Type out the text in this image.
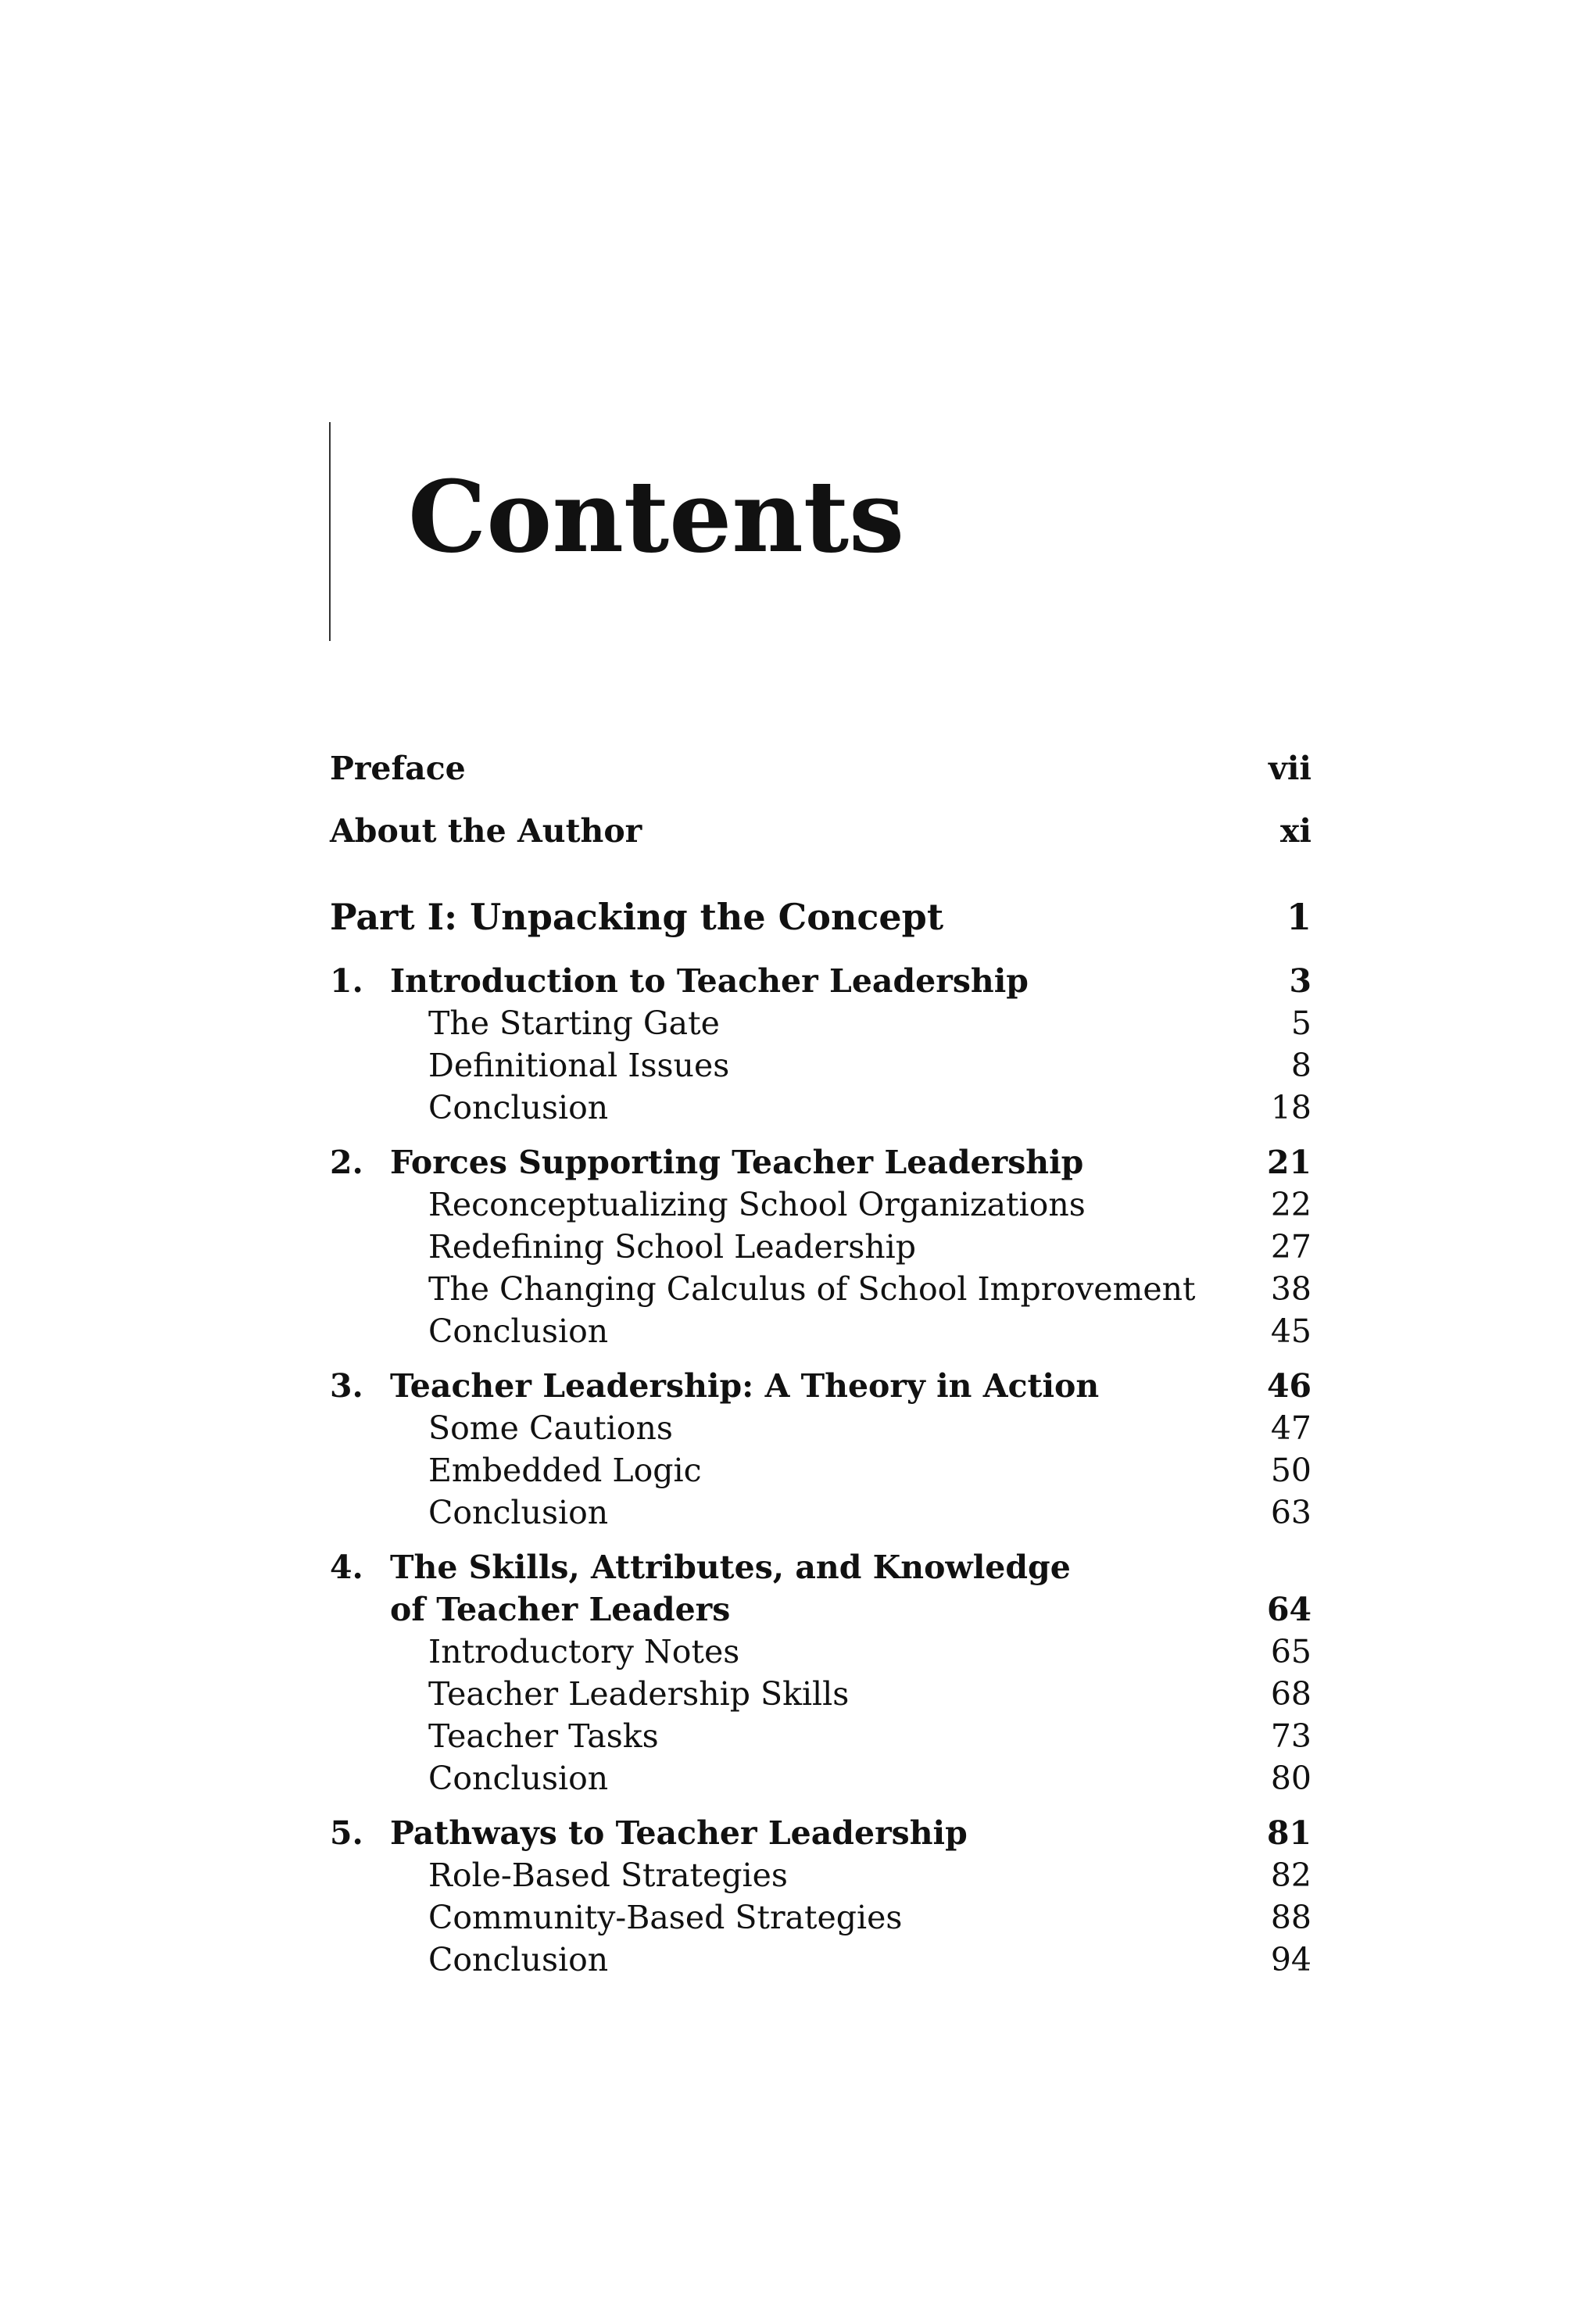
Contents
Preface	vii
About the Author	xi
Part I: Unpacking the Concept	1
1. Introduction to Teacher Leadership	3
The Starting Gate	5
Definitional Issues	8
Conclusion	18
2. Forces Supporting Teacher Leadership	21
Reconceptualizing School Organizations	22
Redefining School Leadership	27
The Changing Calculus of School Improvement	38
Conclusion	45
3. Teacher Leadership: A Theory in Action	46
Some Cautions	47
Embedded Logic	50
Conclusion	63
4. The Skills, Attributes, and Knowledge
of Teacher Leaders	64
Introductory Notes	65
Teacher Leadership Skills	68
Teacher Tasks	73
Conclusion	80
5. Pathways to Teacher Leadership	81
Role-Based Strategies	82
Community-Based Strategies	88
Conclusion	94
